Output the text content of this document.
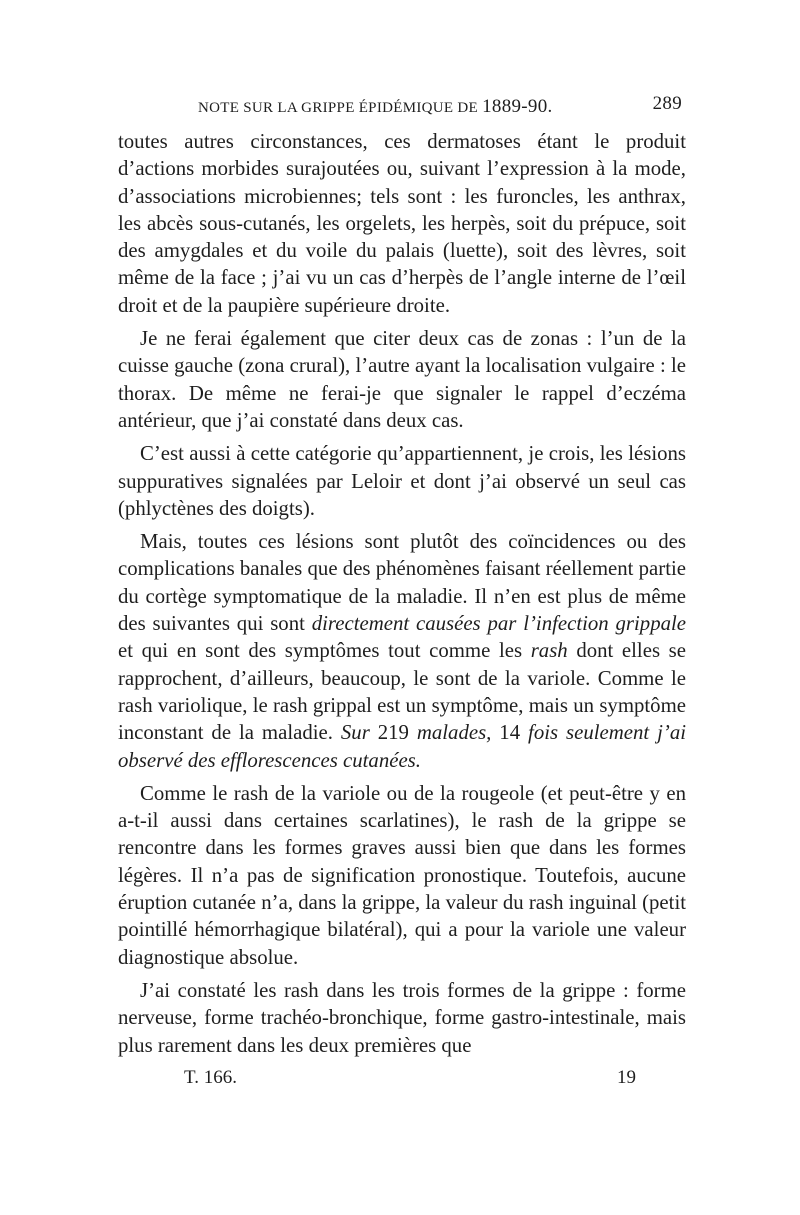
NOTE SUR LA GRIPPE ÉPIDÉMIQUE DE 1889-90.	289

toutes autres circonstances, ces dermatoses étant le produit d’actions morbides surajoutées ou, suivant l’expression à la mode, d’associations microbiennes; tels sont : les furoncles, les anthrax, les abcès sous-cutanés, les orgelets, les herpès, soit du prépuce, soit des amygdales et du voile du palais (luette), soit des lèvres, soit même de la face ; j’ai vu un cas d’herpès de l’angle interne de l’œil droit et de la paupière supérieure droite.

Je ne ferai également que citer deux cas de zonas : l’un de la cuisse gauche (zona crural), l’autre ayant la localisation vulgaire : le thorax. De même ne ferai-je que signaler le rappel d’eczéma antérieur, que j’ai constaté dans deux cas.

C’est aussi à cette catégorie qu’appartiennent, je crois, les lésions suppuratives signalées par Leloir et dont j’ai observé un seul cas (phlyctènes des doigts).

Mais, toutes ces lésions sont plutôt des coïncidences ou des complications banales que des phénomènes faisant réellement partie du cortège symptomatique de la maladie. Il n’en est plus de même des suivantes qui sont directement causées par l’infection grippale et qui en sont des symptômes tout comme les rash dont elles se rapprochent, d’ailleurs, beaucoup, le sont de la variole. Comme le rash variolique, le rash grippal est un symptôme, mais un symptôme inconstant de la maladie. Sur 219 malades, 14 fois seulement j’ai observé des efflorescences cutanées.

Comme le rash de la variole ou de la rougeole (et peut-être y en a-t-il aussi dans certaines scarlatines), le rash de la grippe se rencontre dans les formes graves aussi bien que dans les formes légères. Il n’a pas de signification pronostique. Toutefois, aucune éruption cutanée n’a, dans la grippe, la valeur du rash inguinal (petit pointillé hémorrhagique bilatéral), qui a pour la variole une valeur diagnostique absolue.

J’ai constaté les rash dans les trois formes de la grippe : forme nerveuse, forme trachéo-bronchique, forme gastro-intestinale, mais plus rarement dans les deux premières que

T. 166.	19
